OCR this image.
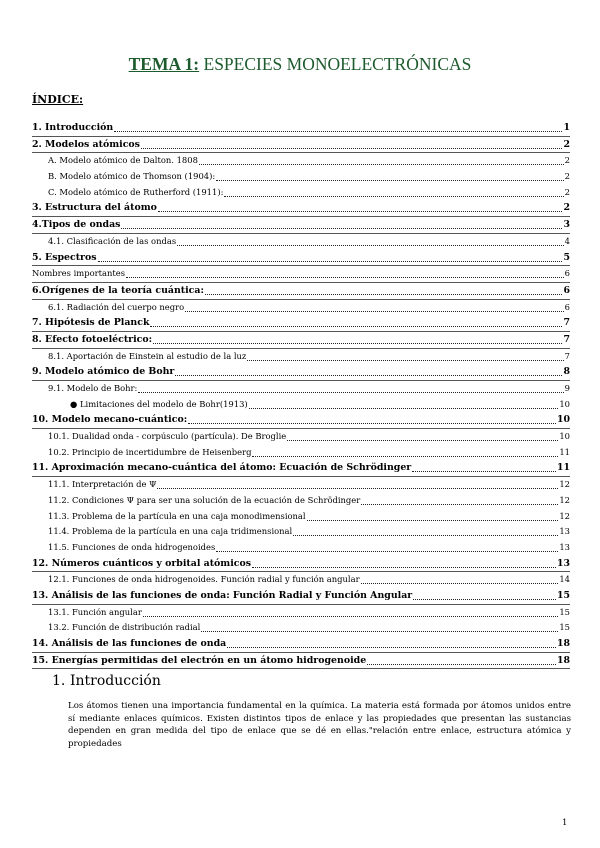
TEMA 1: ESPECIES MONOELECTRÓNICAS
ÍNDICE:
1. Introducción	1
2. Modelos atómicos	2
A. Modelo atómico de Dalton. 1808	2
B. Modelo atómico de Thomson (1904):	2
C. Modelo atómico de Rutherford (1911):	2
3. Estructura del átomo	2
4.Tipos de ondas	3
4.1. Clasificación de las ondas	4
5. Espectros	5
Nombres importantes	6
6.Orígenes de la teoría cuántica:	6
6.1. Radiación del cuerpo negro	6
7. Hipótesis de Planck	7
8. Efecto fotoeléctrico:	7
8.1. Aportación de Einstein al estudio de la luz	7
9. Modelo atómico de Bohr	8
9.1. Modelo de Bohr:	9
● Limitaciones del modelo de Bohr(1913)	10
10. Modelo mecano-cuántico:	10
10.1. Dualidad onda - corpúsculo (partícula). De Broglie	10
10.2. Principio de incertidumbre de Heisenberg	11
11. Aproximación mecano-cuántica del átomo: Ecuación de Schrödinger	11
11.1. Interpretación de Ψ	12
11.2. Condiciones Ψ para ser una solución de la ecuación de Schrödinger	12
11.3. Problema de la partícula en una caja monodimensional	12
11.4. Problema de la partícula en una caja tridimensional	13
11.5. Funciones de onda hidrogenoides	13
12. Números cuánticos y orbital atómicos	13
12.1. Funciones de onda hidrogenoides. Función radial y función angular	14
13. Análisis de las funciones de onda: Función Radial y Función Angular	15
13.1. Función angular	15
13.2. Función de distribución radial	15
14. Análisis de las funciones de onda	18
15. Energías permitidas del electrón en un átomo hidrogenoide	18
1. Introducción
Los átomos tienen una importancia fundamental en la química. La materia está formada por átomos unidos entre sí mediante enlaces químicos. Existen distintos tipos de enlace y las propiedades que presentan las sustancias dependen en gran medida del tipo de enlace que se dé en ellas."relación entre enlace, estructura atómica y propiedades
1
